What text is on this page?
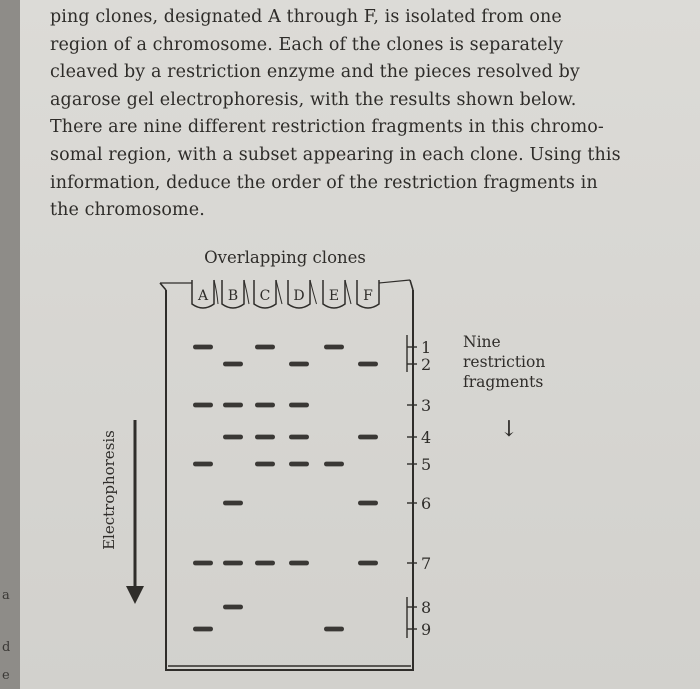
a
d
e

ping clones, designated A through F, is isolated from one
region of a chromosome. Each of the clones is separately
cleaved by a restriction enzyme and the pieces resolved by
agarose gel electrophoresis, with the results shown below.
There are nine different restriction fragments in this chromo-
somal region, with a subset appearing in each clone. Using this
information, deduce the order of the restriction fragments in
the chromosome.

Overlapping clones
A B C D E F
1
2
3
4
5
6
7
8
9
Nine
restriction
fragments
↓
Electrophoresis
